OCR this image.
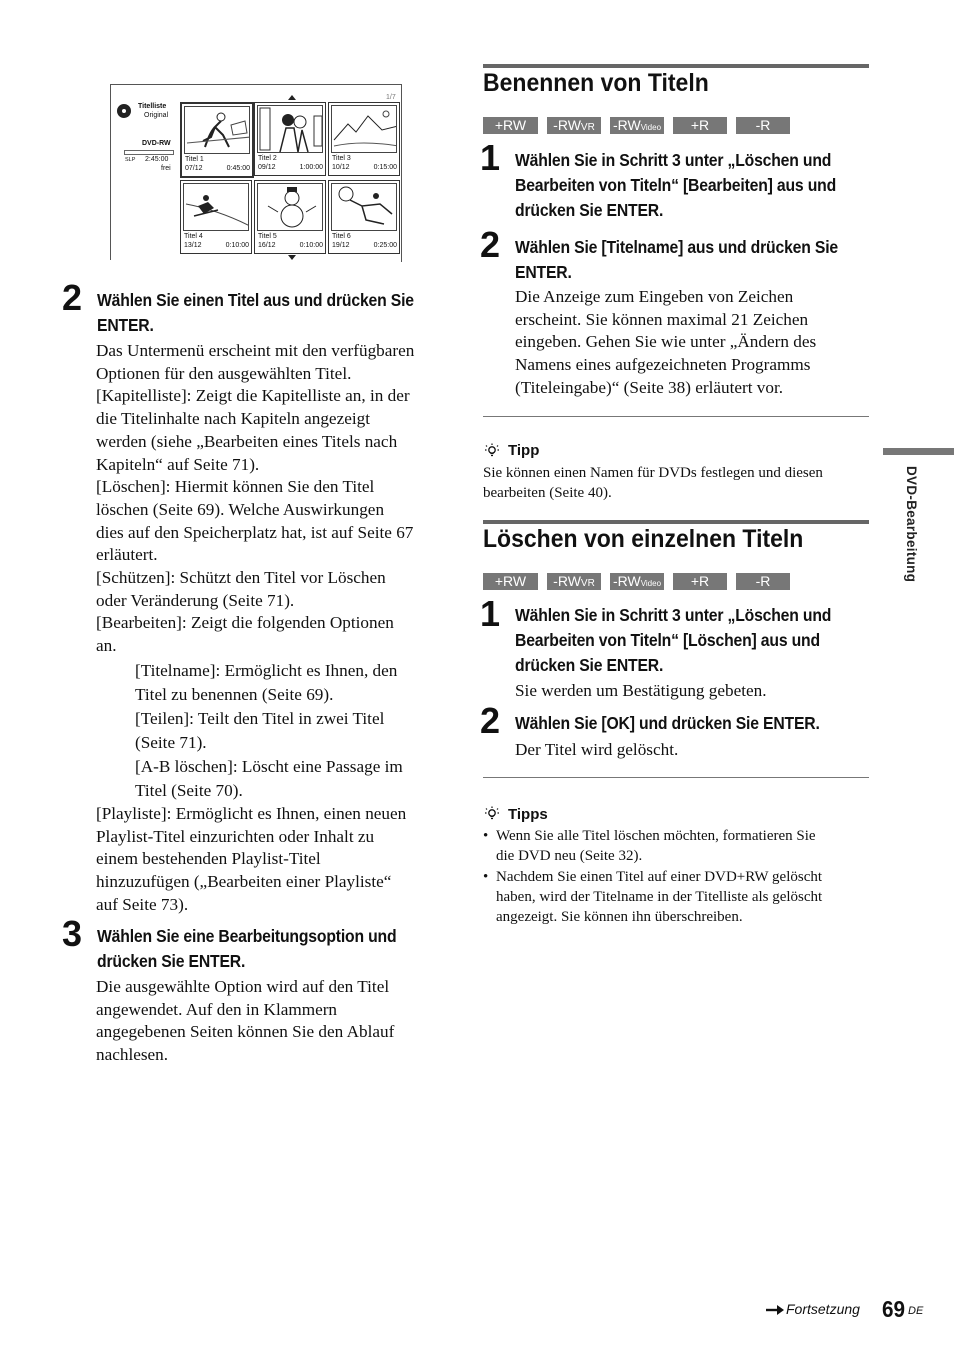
Titelliste
Original
1/7
DVD-RW
SLP 2:45:00
frei
Titel 1
07/12	0:45:00
Titel 2
09/12	1:00:00
Titel 3
10/12	0:15:00
Titel 4
13/12	0:10:00
Titel 5
16/12	0:10:00
Titel 6
19/12	0:25:00
2 Wählen Sie einen Titel aus und drücken Sie ENTER.
Das Untermenü erscheint mit den verfügbaren
Optionen für den ausgewählten Titel.
[Kapitelliste]: Zeigt die Kapitelliste an, in der
die Titelinhalte nach Kapiteln angezeigt
werden (siehe „Bearbeiten eines Titels nach
Kapiteln“ auf Seite 71).
[Löschen]: Hiermit können Sie den Titel
löschen (Seite 69). Welche Auswirkungen
dies auf den Speicherplatz hat, ist auf Seite 67
erläutert.
[Schützen]: Schützt den Titel vor Löschen
oder Veränderung (Seite 71).
[Bearbeiten]: Zeigt die folgenden Optionen
an.
[Titelname]: Ermöglicht es Ihnen, den
Titel zu benennen (Seite 69).
[Teilen]: Teilt den Titel in zwei Titel
(Seite 71).
[A-B löschen]: Löscht eine Passage im
Titel (Seite 70).
[Playliste]: Ermöglicht es Ihnen, einen neuen
Playlist-Titel einzurichten oder Inhalt zu
einem bestehenden Playlist-Titel
hinzuzufügen („Bearbeiten einer Playliste“
auf Seite 73).
3 Wählen Sie eine Bearbeitungsoption und drücken Sie ENTER.
Die ausgewählte Option wird auf den Titel
angewendet. Auf den in Klammern
angegebenen Seiten können Sie den Ablauf
nachlesen.
Benennen von Titeln
+RW	-RWVR	-RWVideo	+R	-R
1 Wählen Sie in Schritt 3 unter „Löschen und Bearbeiten von Titeln“ [Bearbeiten] aus und drücken Sie ENTER.
2 Wählen Sie [Titelname] aus und drücken Sie ENTER.
Die Anzeige zum Eingeben von Zeichen
erscheint. Sie können maximal 21 Zeichen
eingeben. Gehen Sie wie unter „Ändern des
Namens eines aufgezeichneten Programms
(Titeleingabe)“ (Seite 38) erläutert vor.
Tipp
Sie können einen Namen für DVDs festlegen und diesen
bearbeiten (Seite 40).
Löschen von einzelnen Titeln
+RW	-RWVR	-RWVideo	+R	-R
1 Wählen Sie in Schritt 3 unter „Löschen und Bearbeiten von Titeln“ [Löschen] aus und drücken Sie ENTER.
Sie werden um Bestätigung gebeten.
2 Wählen Sie [OK] und drücken Sie ENTER.
Der Titel wird gelöscht.
Tipps
• Wenn Sie alle Titel löschen möchten, formatieren Sie
die DVD neu (Seite 32).
• Nachdem Sie einen Titel auf einer DVD+RW gelöscht
haben, wird der Titelname in der Titelliste als gelöscht
angezeigt. Sie können ihn überschreiben.
DVD-Bearbeitung
Fortsetzung 69 DE
